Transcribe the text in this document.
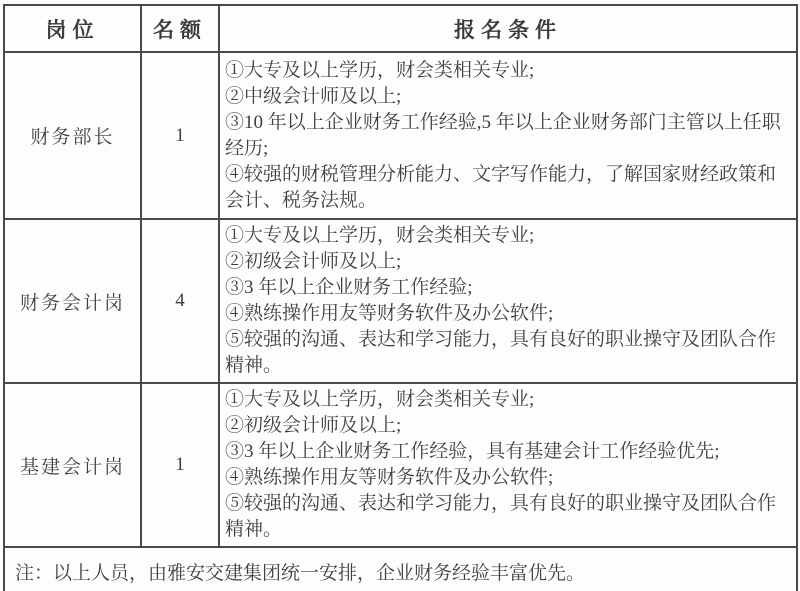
岗位	名额	报名条件
财务部长	1	①大专及以上学历，财会类相关专业;
②中级会计师及以上;
③10 年以上企业财务工作经验,5 年以上企业财务部门主管以上任职经历;
④较强的财税管理分析能力、文字写作能力，了解国家财经政策和会计、税务法规。

财务会计岗	4	①大专及以上学历，财会类相关专业;
②初级会计师及以上;
③3 年以上企业财务工作经验;
④熟练操作用友等财务软件及办公软件;
⑤较强的沟通、表达和学习能力，具有良好的职业操守及团队合作精神。

基建会计岗	1	①大专及以上学历，财会类相关专业;
②初级会计师及以上;
③3 年以上企业财务工作经验，具有基建会计工作经验优先;
④熟练操作用友等财务软件及办公软件;
⑤较强的沟通、表达和学习能力，具有良好的职业操守及团队合作精神。

注：以上人员，由雅安交建集团统一安排，企业财务经验丰富优先。		
